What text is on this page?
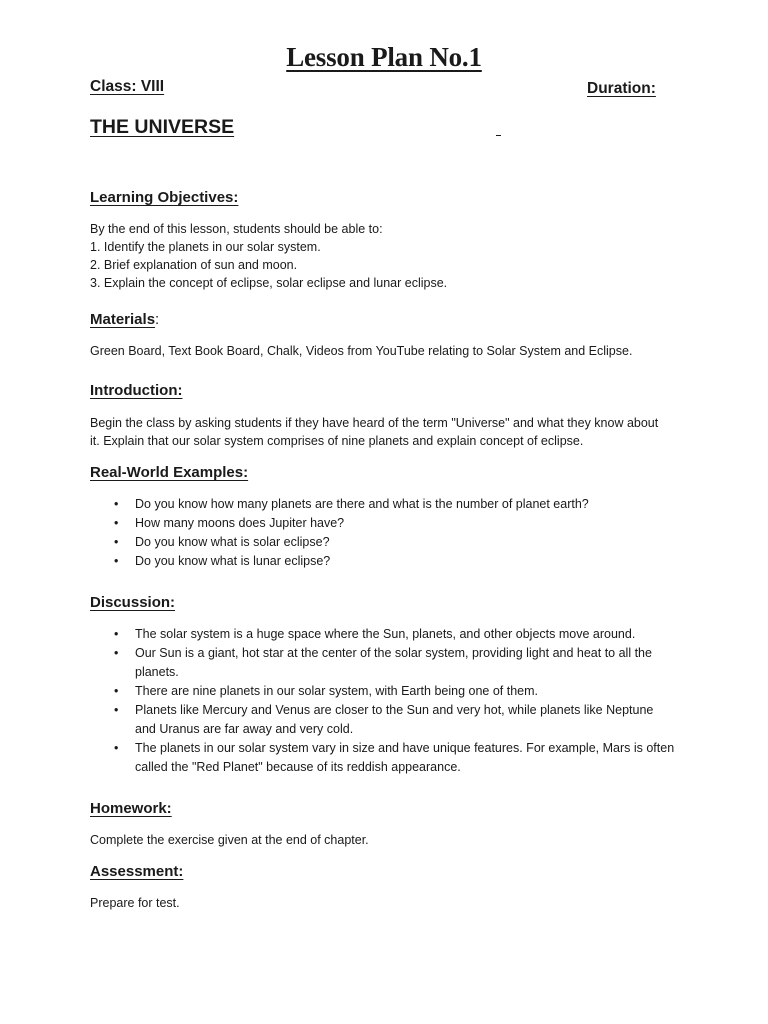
Lesson Plan No.1
Class: VIII	Duration:
THE UNIVERSE
Learning Objectives:
By the end of this lesson, students should be able to:
1. Identify the planets in our solar system.
2. Brief explanation of sun and moon.
3. Explain the concept of eclipse, solar eclipse and lunar eclipse.
Materials:
Green Board, Text Book Board, Chalk, Videos from YouTube relating to Solar System and Eclipse.
Introduction:
Begin the class by asking students if they have heard of the term "Universe" and what they know about
it. Explain that our solar system comprises of nine planets and explain concept of eclipse.
Real-World Examples:
• Do you know how many planets are there and what is the number of planet earth?
• How many moons does Jupiter have?
• Do you know what is solar eclipse?
• Do you know what is lunar eclipse?
Discussion:
• The solar system is a huge space where the Sun, planets, and other objects move around.
• Our Sun is a giant, hot star at the center of the solar system, providing light and heat to all the
planets.
• There are nine planets in our solar system, with Earth being one of them.
• Planets like Mercury and Venus are closer to the Sun and very hot, while planets like Neptune
and Uranus are far away and very cold.
• The planets in our solar system vary in size and have unique features. For example, Mars is often
called the "Red Planet" because of its reddish appearance.
Homework:
Complete the exercise given at the end of chapter.
Assessment:
Prepare for test.
